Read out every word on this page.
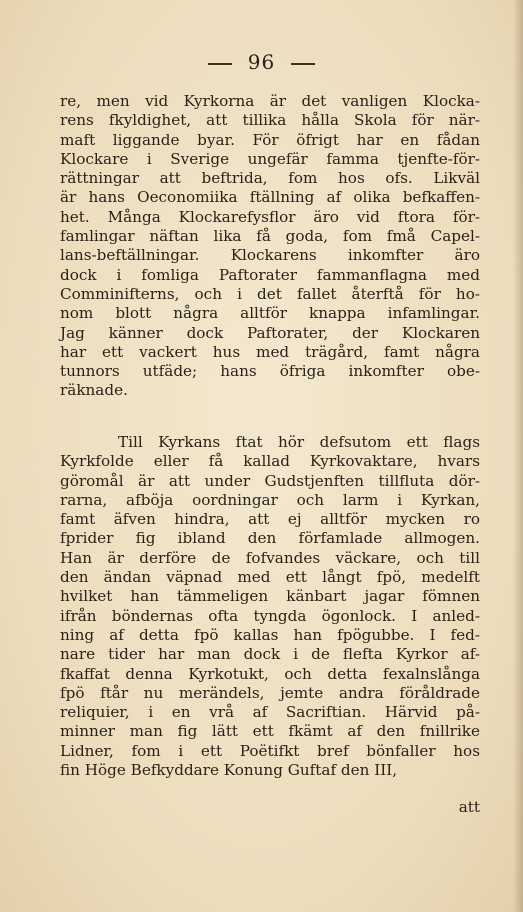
96
re, men vid Kyrkorna är det vanligen Klocka-
rens fkyldighet, att tillika hålla Skola för när-
maft liggande byar. För öfrigt har en fådan
Klockare i Sverige ungefär famma tjenfte-för-
rättningar att beftrida, fom hos ofs. Likväl
är hans Oeconomiika ftällning af olika befkaffen-
het. Många Klockarefysflor äro vid ftora för-
famlingar näftan lika få goda, fom fmå Capel-
lans-beftällningar. Klockarens inkomfter äro
dock i fomliga Paftorater fammanflagna med
Comminifterns, och i det fallet återftå för ho-
nom blott några alltför knappa infamlingar.
Jag känner dock Paftorater, der Klockaren
har ett vackert hus med trägård, famt några
tunnors utfäde; hans öfriga inkomfter obe-
räknade.
Till Kyrkans ftat hör defsutom ett flags
Kyrkfolde eller få kallad Kyrkovaktare, hvars
göromål är att under Gudstjenften tillfluta dör-
rarna, afböja oordningar och larm i Kyrkan,
famt äfven hindra, att ej alltför mycken ro
fprider fig ibland den förfamlade allmogen.
Han är derföre de fofvandes väckare, och till
den ändan väpnad med ett långt fpö, medelft
hvilket han tämmeligen känbart jagar fömnen
ifrån böndernas ofta tyngda ögonlock. I anled-
ning af detta fpö kallas han fpögubbe. I fed-
nare tider har man dock i de flefta Kyrkor af-
fkaffat denna Kyrkotukt, och detta fexalnslånga
fpö ftår nu merändels, jemte andra föråldrade
reliquier, i en vrå af Sacriftian. Härvid på-
minner man fig lätt ett fkämt af den fnillrike
Lidner, fom i ett Poëtifkt bref bönfaller hos
fin Höge Befkyddare Konung Guftaf den III,
att
